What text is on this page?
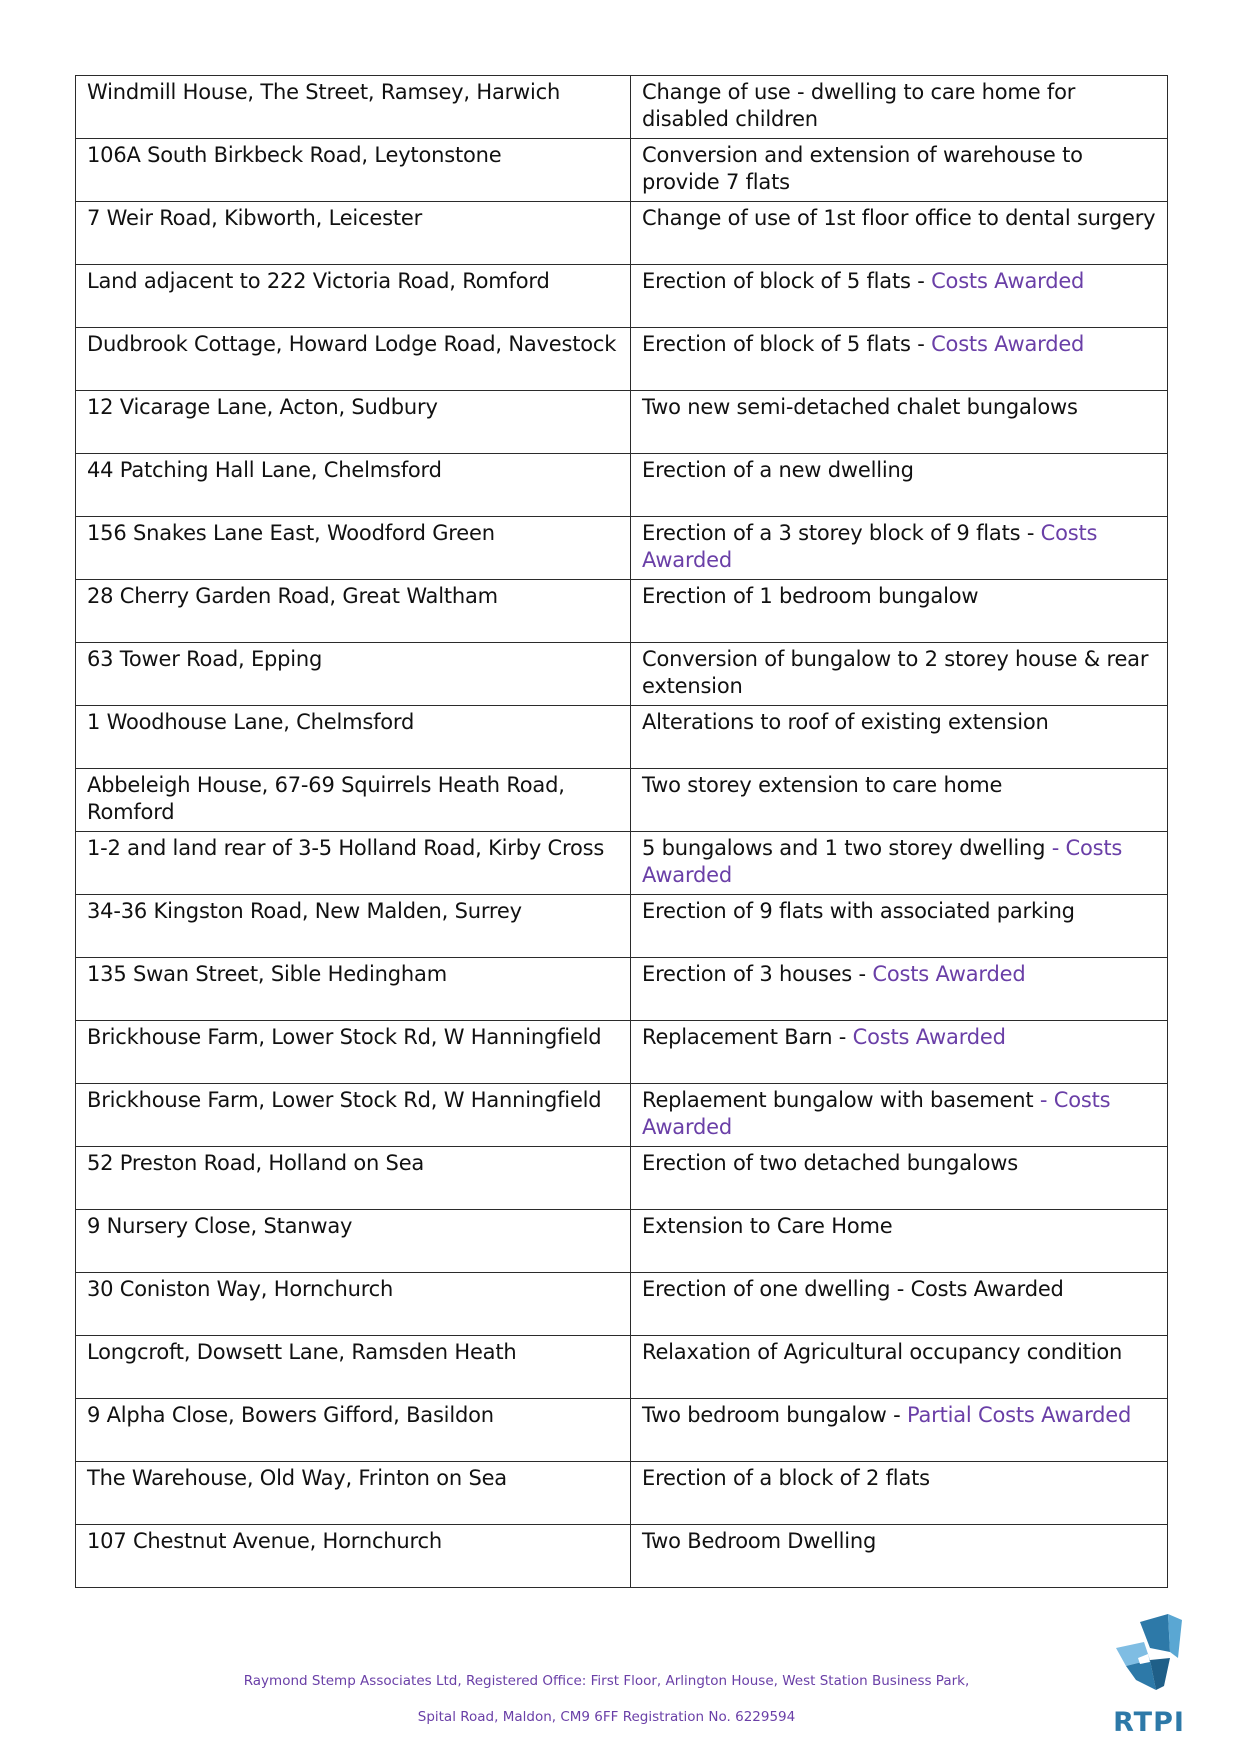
Windmill House, The Street, Ramsey, Harwich	Change of use - dwelling to care home for disabled children
106A South Birkbeck Road, Leytonstone	Conversion and extension of warehouse to provide 7 flats
7 Weir Road, Kibworth, Leicester	Change of use of 1st floor office to dental surgery
Land adjacent to 222 Victoria Road, Romford	Erection of block of 5 flats - Costs Awarded
Dudbrook Cottage, Howard Lodge Road, Navestock	Erection of block of 5 flats - Costs Awarded
12 Vicarage Lane, Acton, Sudbury	Two new semi-detached chalet bungalows
44 Patching Hall Lane, Chelmsford	Erection of a new dwelling
156 Snakes Lane East, Woodford Green	Erection of a 3 storey block of 9 flats - Costs Awarded
28 Cherry Garden Road, Great Waltham	Erection of 1 bedroom bungalow
63 Tower Road, Epping	Conversion of bungalow to 2 storey house & rear extension
1 Woodhouse Lane, Chelmsford	Alterations to roof of existing extension
Abbeleigh House, 67-69 Squirrels Heath Road, Romford	Two storey extension to care home
1-2 and land rear of 3-5 Holland Road, Kirby Cross	5 bungalows and 1 two storey dwelling - Costs Awarded
34-36 Kingston Road, New Malden, Surrey	Erection of 9 flats with associated parking
135 Swan Street, Sible Hedingham	Erection of 3 houses - Costs Awarded
Brickhouse Farm, Lower Stock Rd, W Hanningfield	Replacement Barn - Costs Awarded
Brickhouse Farm, Lower Stock Rd, W Hanningfield	Replaement bungalow with basement - Costs Awarded
52 Preston Road, Holland on Sea	Erection of two detached bungalows
9 Nursery Close, Stanway	Extension to Care Home
30 Coniston Way, Hornchurch	Erection of one dwelling - Costs Awarded
Longcroft, Dowsett Lane, Ramsden Heath	Relaxation of Agricultural occupancy condition
9 Alpha Close, Bowers Gifford, Basildon	Two bedroom bungalow - Partial Costs Awarded
The Warehouse, Old Way, Frinton on Sea	Erection of a block of 2 flats
107 Chestnut Avenue, Hornchurch	Two Bedroom Dwelling
Raymond Stemp Associates Ltd, Registered Office: First Floor, Arlington House, West Station Business Park,
Spital Road, Maldon, CM9 6FF Registration No. 6229594	RTPI
